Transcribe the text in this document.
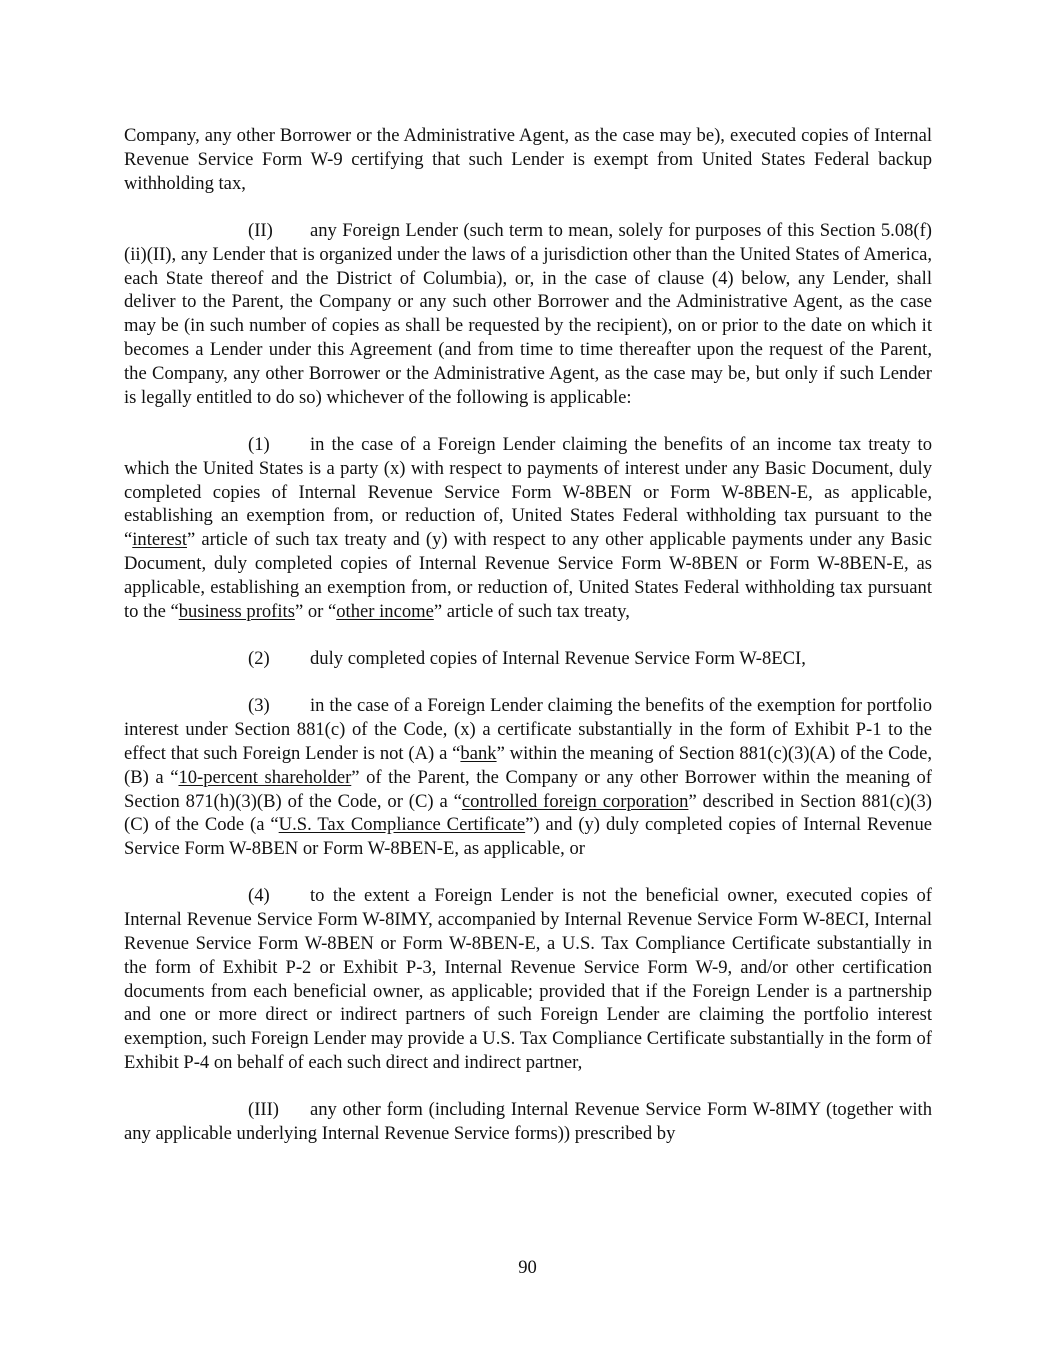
Company, any other Borrower or the Administrative Agent, as the case may be), executed copies of Internal Revenue Service Form W-9 certifying that such Lender is exempt from United States Federal backup withholding tax,

(II) any Foreign Lender (such term to mean, solely for purposes of this Section 5.08(f)(ii)(II), any Lender that is organized under the laws of a jurisdiction other than the United States of America, each State thereof and the District of Columbia), or, in the case of clause (4) below, any Lender, shall deliver to the Parent, the Company or any such other Borrower and the Administrative Agent, as the case may be (in such number of copies as shall be requested by the recipient), on or prior to the date on which it becomes a Lender under this Agreement (and from time to time thereafter upon the request of the Parent, the Company, any other Borrower or the Administrative Agent, as the case may be, but only if such Lender is legally entitled to do so) whichever of the following is applicable:

(1) in the case of a Foreign Lender claiming the benefits of an income tax treaty to which the United States is a party (x) with respect to payments of interest under any Basic Document, duly completed copies of Internal Revenue Service Form W-8BEN or Form W-8BEN-E, as applicable, establishing an exemption from, or reduction of, United States Federal withholding tax pursuant to the “interest” article of such tax treaty and (y) with respect to any other applicable payments under any Basic Document, duly completed copies of Internal Revenue Service Form W-8BEN or Form W-8BEN-E, as applicable, establishing an exemption from, or reduction of, United States Federal withholding tax pursuant to the “business profits” or “other income” article of such tax treaty,

(2) duly completed copies of Internal Revenue Service Form W-8ECI,

(3) in the case of a Foreign Lender claiming the benefits of the exemption for portfolio interest under Section 881(c) of the Code, (x) a certificate substantially in the form of Exhibit P-1 to the effect that such Foreign Lender is not (A) a “bank” within the meaning of Section 881(c)(3)(A) of the Code, (B) a “10-percent shareholder” of the Parent, the Company or any other Borrower within the meaning of Section 871(h)(3)(B) of the Code, or (C) a “controlled foreign corporation” described in Section 881(c)(3)(C) of the Code (a “U.S. Tax Compliance Certificate”) and (y) duly completed copies of Internal Revenue Service Form W-8BEN or Form W-8BEN-E, as applicable, or

(4) to the extent a Foreign Lender is not the beneficial owner, executed copies of Internal Revenue Service Form W-8IMY, accompanied by Internal Revenue Service Form W-8ECI, Internal Revenue Service Form W-8BEN or Form W-8BEN-E, a U.S. Tax Compliance Certificate substantially in the form of Exhibit P-2 or Exhibit P-3, Internal Revenue Service Form W-9, and/or other certification documents from each beneficial owner, as applicable; provided that if the Foreign Lender is a partnership and one or more direct or indirect partners of such Foreign Lender are claiming the portfolio interest exemption, such Foreign Lender may provide a U.S. Tax Compliance Certificate substantially in the form of Exhibit P-4 on behalf of each such direct and indirect partner,

(III) any other form (including Internal Revenue Service Form W-8IMY (together with any applicable underlying Internal Revenue Service forms)) prescribed by

90
